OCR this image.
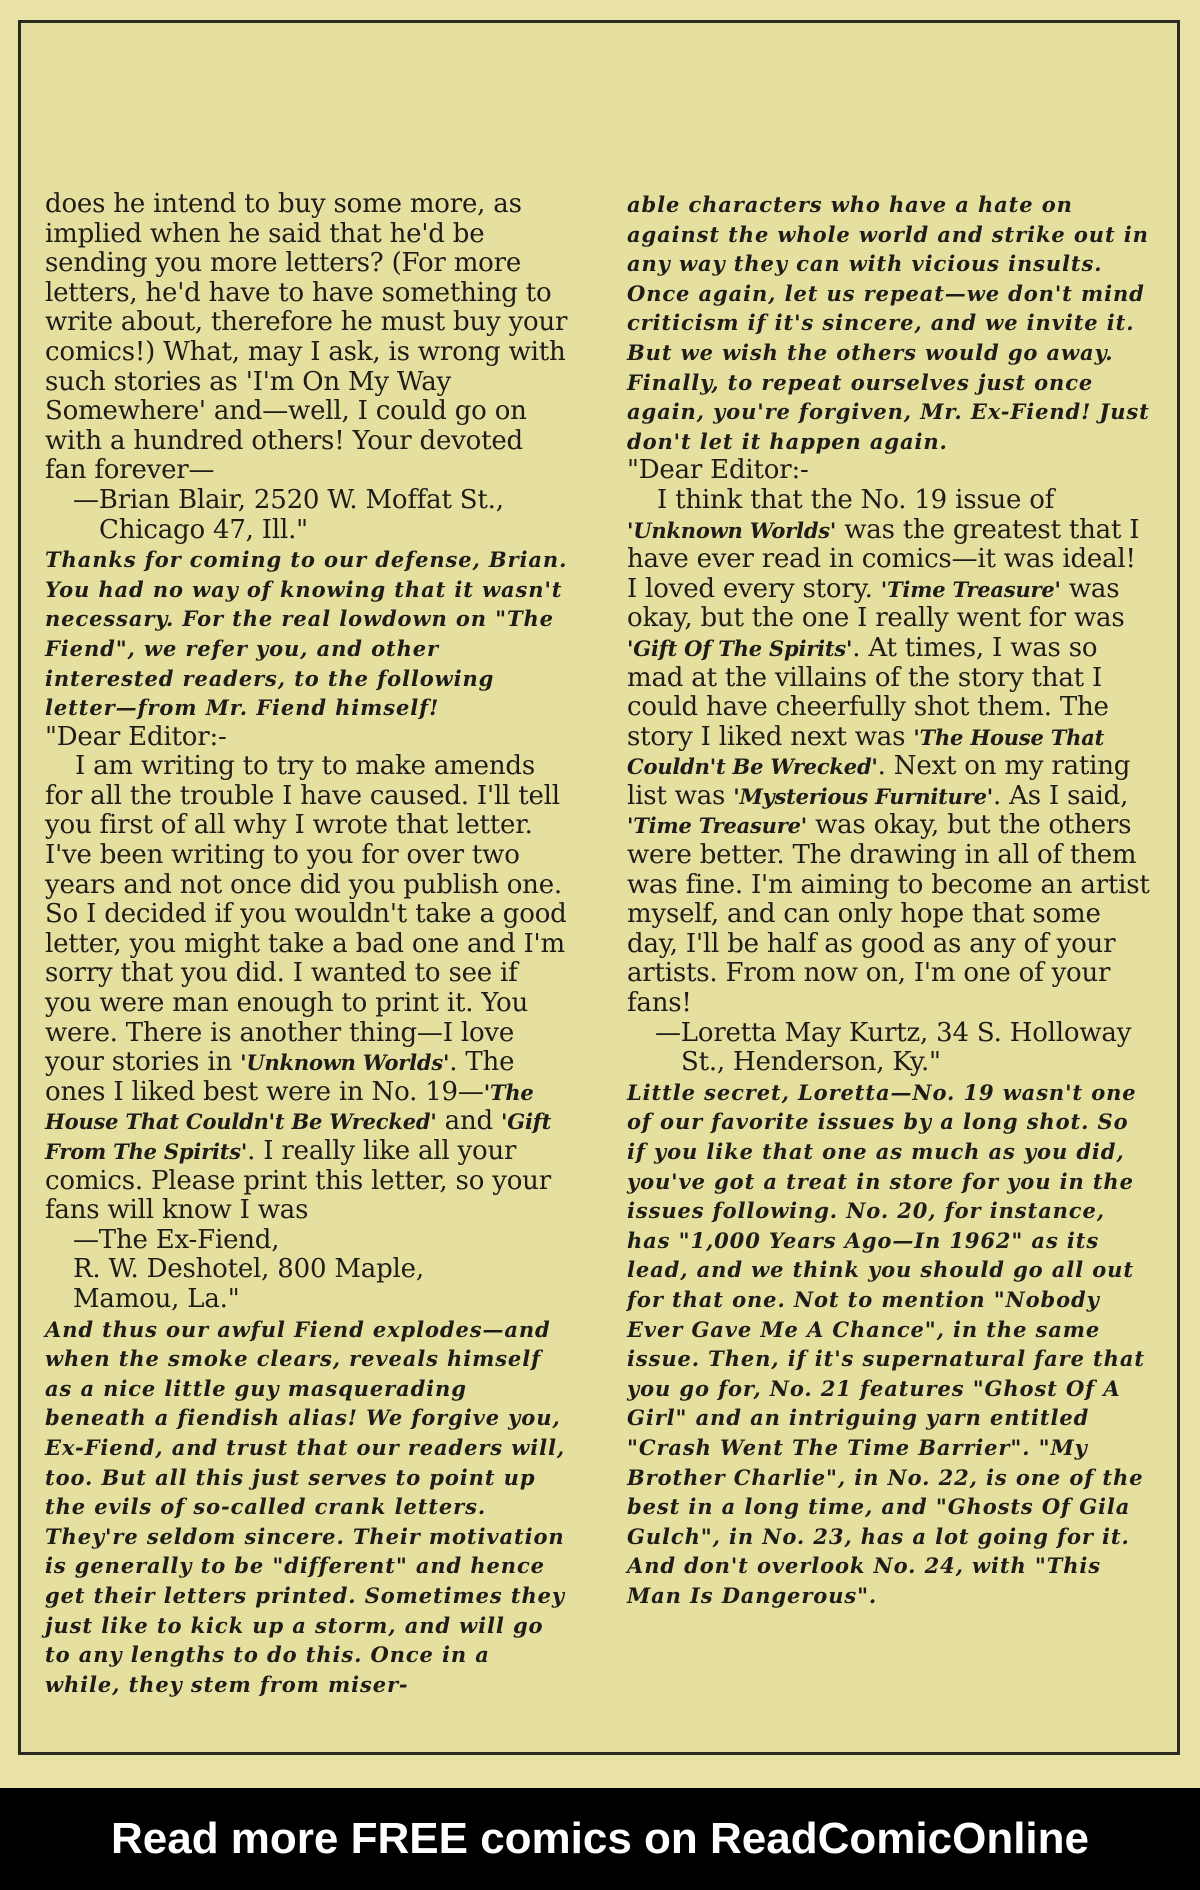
does he intend to buy some more, as implied when he said that he'd be sending you more letters? (For more letters, he'd have to have something to write about, therefore he must buy your comics!) What, may I ask, is wrong with such stories as 'I'm On My Way Somewhere' and—well, I could go on with a hundred others! Your devoted fan forever—

—Brian Blair, 2520 W. Moffat St.,

Chicago 47, Ill."

Thanks for coming to our defense, Brian. You had no way of knowing that it wasn't necessary. For the real lowdown on "The Fiend", we refer you, and other interested readers, to the following letter—from Mr. Fiend himself!

"Dear Editor:-

I am writing to try to make amends for all the trouble I have caused. I'll tell you first of all why I wrote that letter. I've been writing to you for over two years and not once did you publish one. So I decided if you wouldn't take a good letter, you might take a bad one and I'm sorry that you did. I wanted to see if you were man enough to print it. You were. There is another thing—I love your stories in 'Unknown Worlds'. The ones I liked best were in No. 19—'The House That Couldn't Be Wrecked' and 'Gift From The Spirits'. I really like all your comics. Please print this letter, so your fans will know I was

—The Ex-Fiend,

R. W. Deshotel, 800 Maple,

Mamou, La."

And thus our awful Fiend explodes—and when the smoke clears, reveals himself as a nice little guy masquerading beneath a fiendish alias! We forgive you, Ex-Fiend, and trust that our readers will, too. But all this just serves to point up the evils of so-called crank letters. They're seldom sincere. Their motivation is generally to be "different" and hence get their letters printed. Sometimes they just like to kick up a storm, and will go to any lengths to do this. Once in a while, they stem from miser-

able characters who have a hate on against the whole world and strike out in any way they can with vicious insults. Once again, let us repeat—we don't mind criticism if it's sincere, and we invite it. But we wish the others would go away. Finally, to repeat ourselves just once again, you're forgiven, Mr. Ex-Fiend! Just don't let it happen again.

"Dear Editor:-

I think that the No. 19 issue of 'Unknown Worlds' was the greatest that I have ever read in comics—it was ideal! I loved every story. 'Time Treasure' was okay, but the one I really went for was 'Gift Of The Spirits'. At times, I was so mad at the villains of the story that I could have cheerfully shot them. The story I liked next was 'The House That Couldn't Be Wrecked'. Next on my rating list was 'Mysterious Furniture'. As I said, 'Time Treasure' was okay, but the others were better. The drawing in all of them was fine. I'm aiming to become an artist myself, and can only hope that some day, I'll be half as good as any of your artists. From now on, I'm one of your fans!

—Loretta May Kurtz, 34 S. Holloway

St., Henderson, Ky."

Little secret, Loretta—No. 19 wasn't one of our favorite issues by a long shot. So if you like that one as much as you did, you've got a treat in store for you in the issues following. No. 20, for instance, has "1,000 Years Ago—In 1962" as its lead, and we think you should go all out for that one. Not to mention "Nobody Ever Gave Me A Chance", in the same issue. Then, if it's supernatural fare that you go for, No. 21 features "Ghost Of A Girl" and an intriguing yarn entitled "Crash Went The Time Barrier". "My Brother Charlie", in No. 22, is one of the best in a long time, and "Ghosts Of Gila Gulch", in No. 23, has a lot going for it. And don't overlook No. 24, with "This Man Is Dangerous".

Read more FREE comics on ReadComicOnline
